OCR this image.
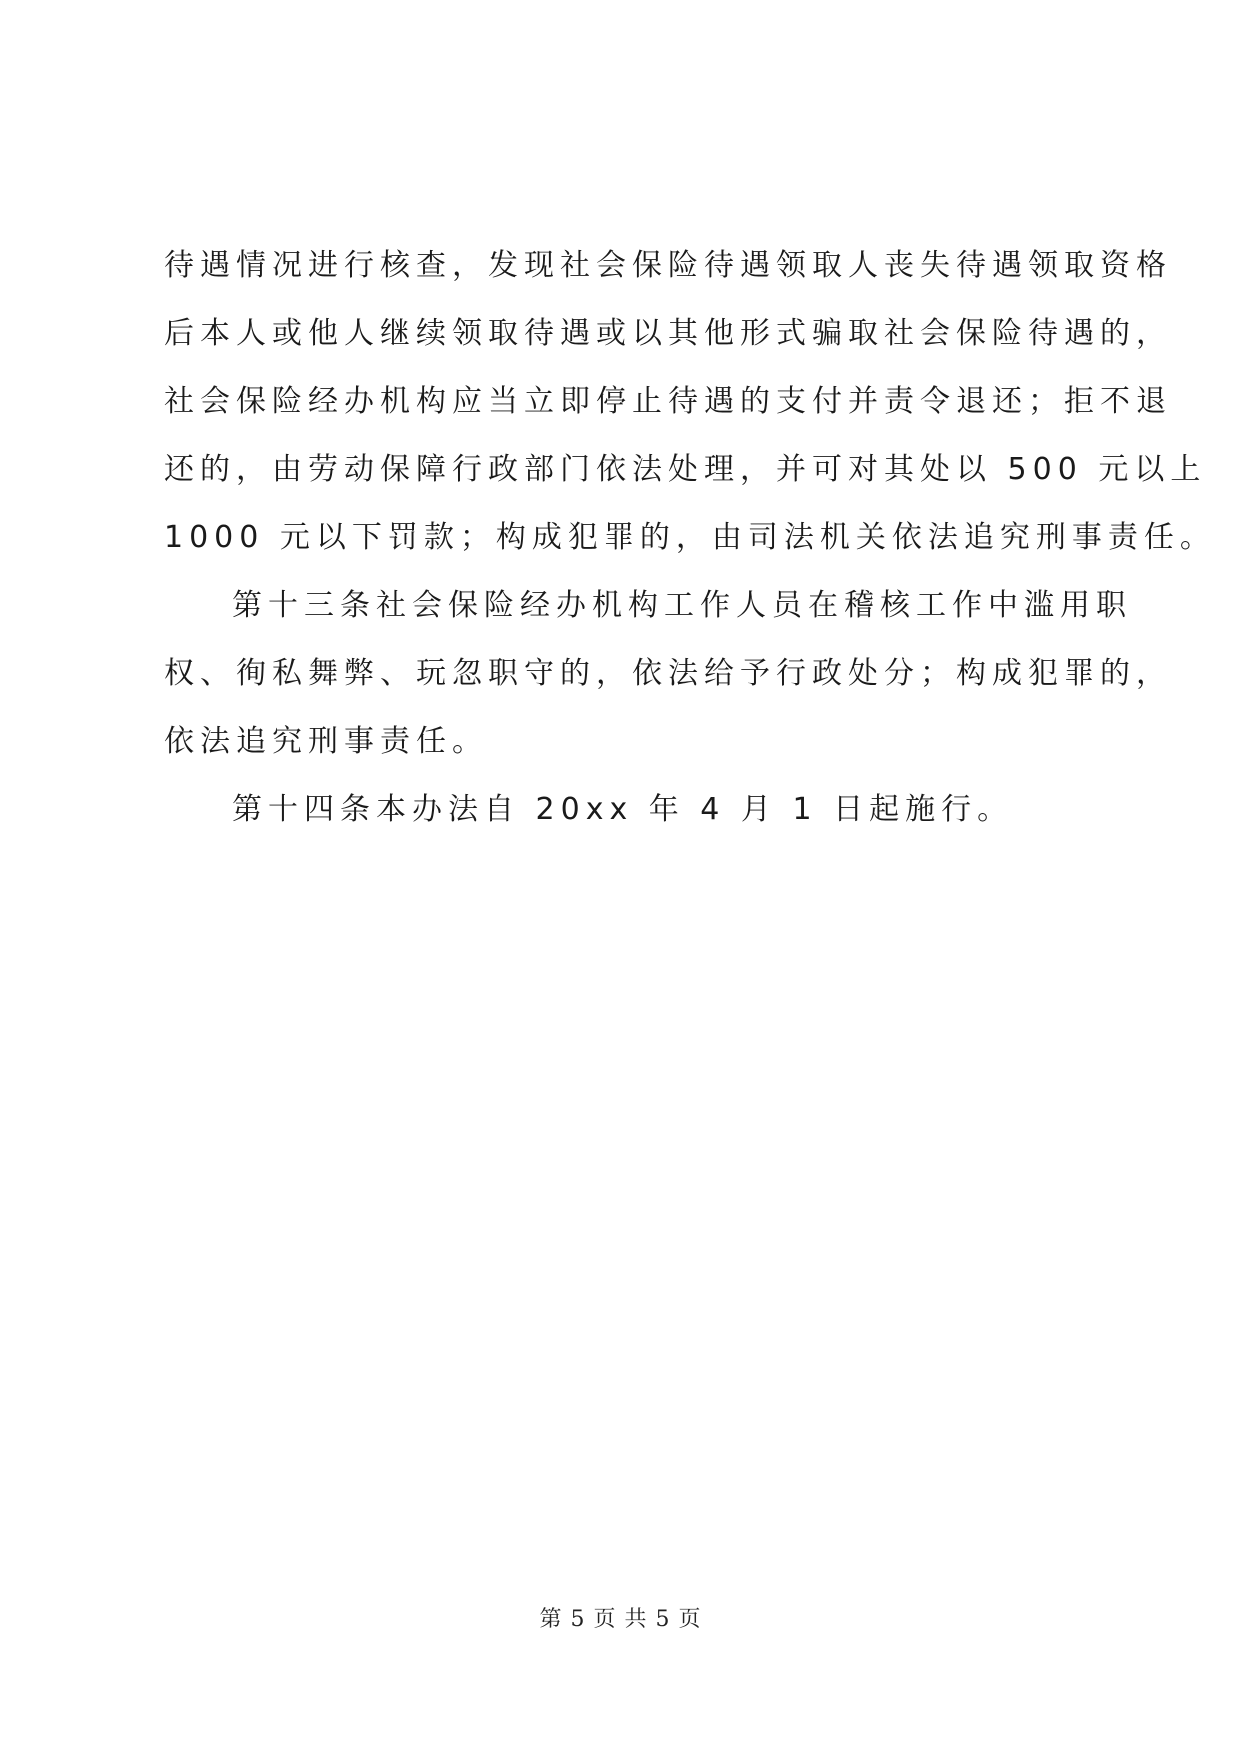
待遇情况进行核查，发现社会保险待遇领取人丧失待遇领取资格
后本人或他人继续领取待遇或以其他形式骗取社会保险待遇的，
社会保险经办机构应当立即停止待遇的支付并责令退还；拒不退
还的，由劳动保障行政部门依法处理，并可对其处以 500 元以上
1000 元以下罚款；构成犯罪的，由司法机关依法追究刑事责任。
第十三条社会保险经办机构工作人员在稽核工作中滥用职
权、徇私舞弊、玩忽职守的，依法给予行政处分；构成犯罪的，
依法追究刑事责任。
第十四条本办法自 20xx 年 4 月 1 日起施行。
第 5 页 共 5 页
